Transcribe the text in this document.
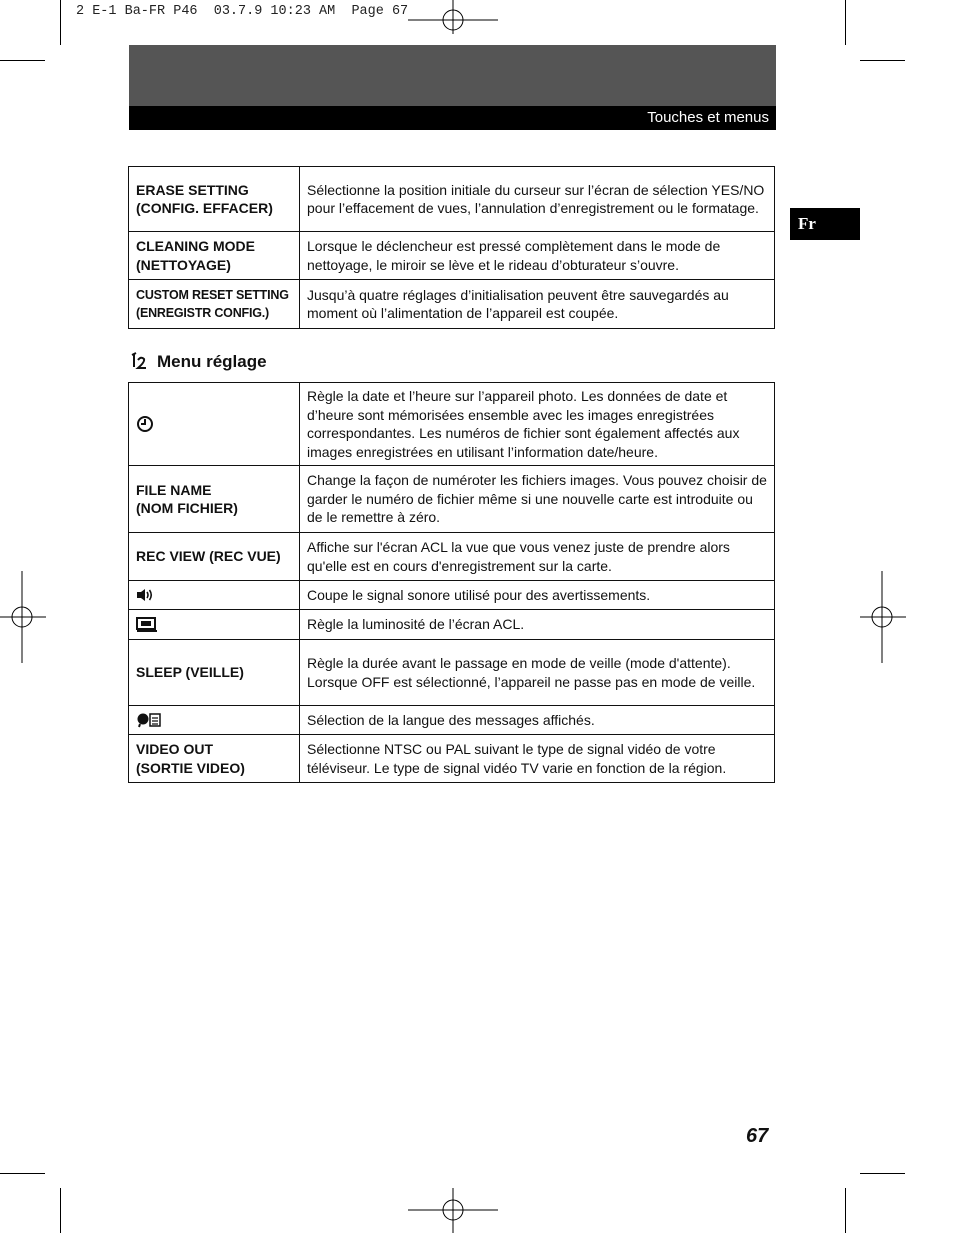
2 E-1 Ba-FR P46  03.7.9 10:23 AM  Page 67
Touches et menus
Fr
ERASE SETTING
(CONFIG. EFFACER)	Sélectionne la position initiale du curseur sur l’écran de sélection YES/NO pour l’effacement de vues, l’annulation d’enregistrement ou le formatage.

CLEANING MODE
(NETTOYAGE)	Lorsque le déclencheur est pressé complètement dans le mode de nettoyage, le miroir se lève et le rideau d’obturateur s’ouvre.

CUSTOM RESET SETTING
(ENREGISTR CONFIG.)	Jusqu’à quatre réglages d’initialisation peuvent être sauvegardés au moment où l’alimentation de l’appareil est coupée.
Menu réglage
	Règle la date et l’heure sur l’appareil photo. Les données de date et d’heure sont mémorisées ensemble avec les images enregistrées correspondantes. Les numéros de fichier sont également affectés aux images enregistrées en utilisant l’information date/heure.

FILE NAME
(NOM FICHIER)	Change la façon de numéroter les fichiers images. Vous pouvez choisir de garder le numéro de fichier même si une nouvelle carte est introduite ou de le remettre à zéro.

REC VIEW (REC VUE)	Affiche sur l'écran ACL la vue que vous venez juste de prendre alors qu'elle est en cours d'enregistrement sur la carte.

	Coupe le signal sonore utilisé pour des avertissements.

	Règle la luminosité de l’écran ACL.

SLEEP (VEILLE)	Règle la durée avant le passage en mode de veille (mode d'attente). Lorsque OFF est sélectionné, l’appareil ne passe pas en mode de veille.

	Sélection de la langue des messages affichés.

VIDEO OUT
(SORTIE VIDEO)	Sélectionne NTSC ou PAL suivant le type de signal vidéo de votre téléviseur. Le type de signal vidéo TV varie en fonction de la région.
67
